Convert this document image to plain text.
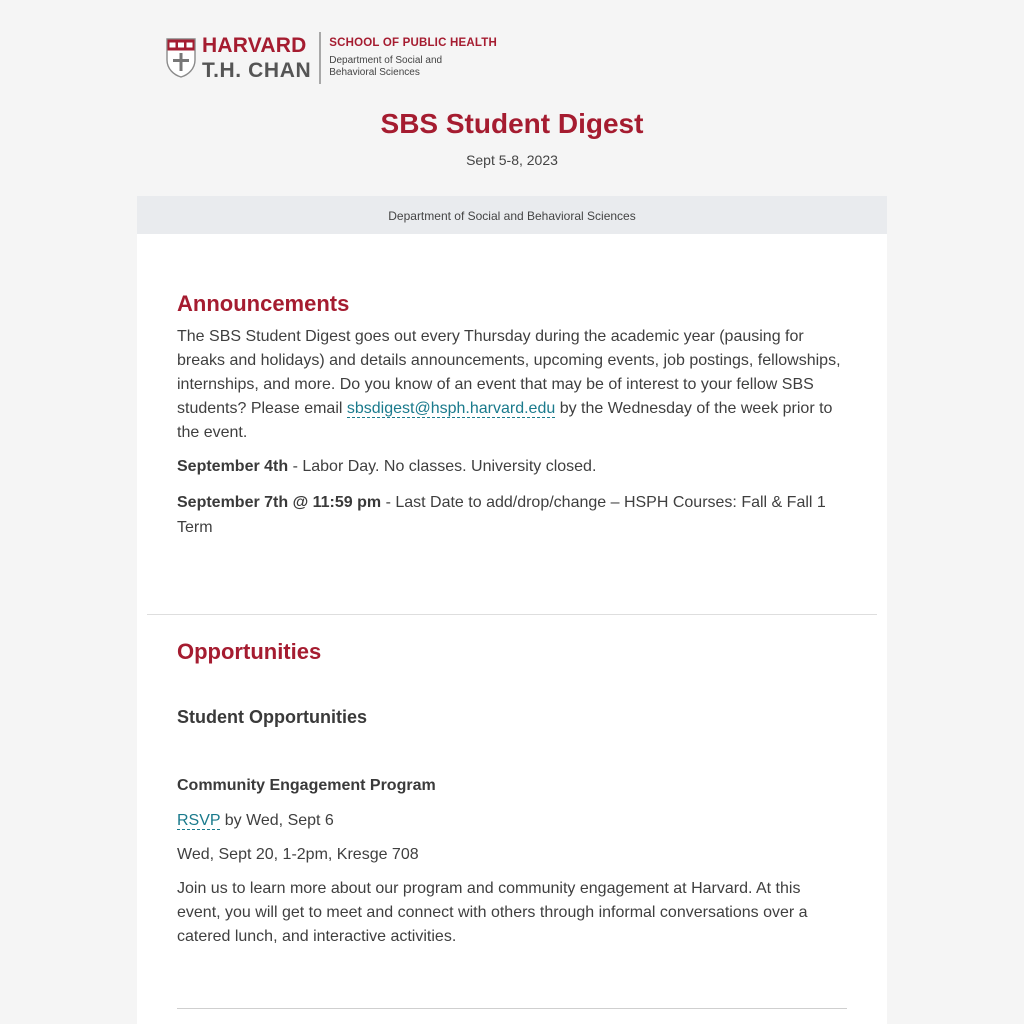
HARVARD
T.H. CHAN
SCHOOL OF PUBLIC HEALTH
Department of Social and
Behavioral Sciences
SBS Student Digest
Sept 5-8, 2023
Department of Social and Behavioral Sciences
Announcements

The SBS Student Digest goes out every Thursday during the academic year (pausing for breaks and holidays) and details announcements, upcoming events, job postings, fellowships, internships, and more. Do you know of an event that may be of interest to your fellow SBS students? Please email sbsdigest@hsph.harvard.edu by the Wednesday of the week prior to the event.

September 4th - Labor Day. No classes. University closed.

September 7th @ 11:59 pm - Last Date to add/drop/change – HSPH Courses: Fall & Fall 1 Term

Opportunities
Student Opportunities
Community Engagement Program

RSVP by Wed, Sept 6

Wed, Sept 20, 1-2pm, Kresge 708

Join us to learn more about our program and community engagement at Harvard. At this event, you will get to meet and connect with others through informal conversations over a catered lunch, and interactive activities.
